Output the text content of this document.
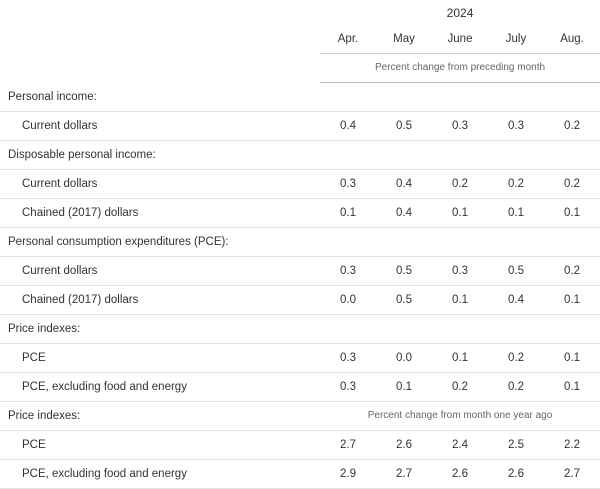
	2024				
	Apr.	May	June	July	Aug.
	Percent change from preceding month				
Personal income:					
Current dollars	0.4	0.5	0.3	0.3	0.2
Disposable personal income:					
Current dollars	0.3	0.4	0.2	0.2	0.2
Chained (2017) dollars	0.1	0.4	0.1	0.1	0.1
Personal consumption expenditures (PCE):					
Current dollars	0.3	0.5	0.3	0.5	0.2
Chained (2017) dollars	0.0	0.5	0.1	0.4	0.1
Price indexes:					
PCE	0.3	0.0	0.1	0.2	0.1
PCE, excluding food and energy	0.3	0.1	0.2	0.2	0.1
Price indexes:	Percent change from month one year ago				
PCE	2.7	2.6	2.4	2.5	2.2
PCE, excluding food and energy	2.9	2.7	2.6	2.6	2.7
